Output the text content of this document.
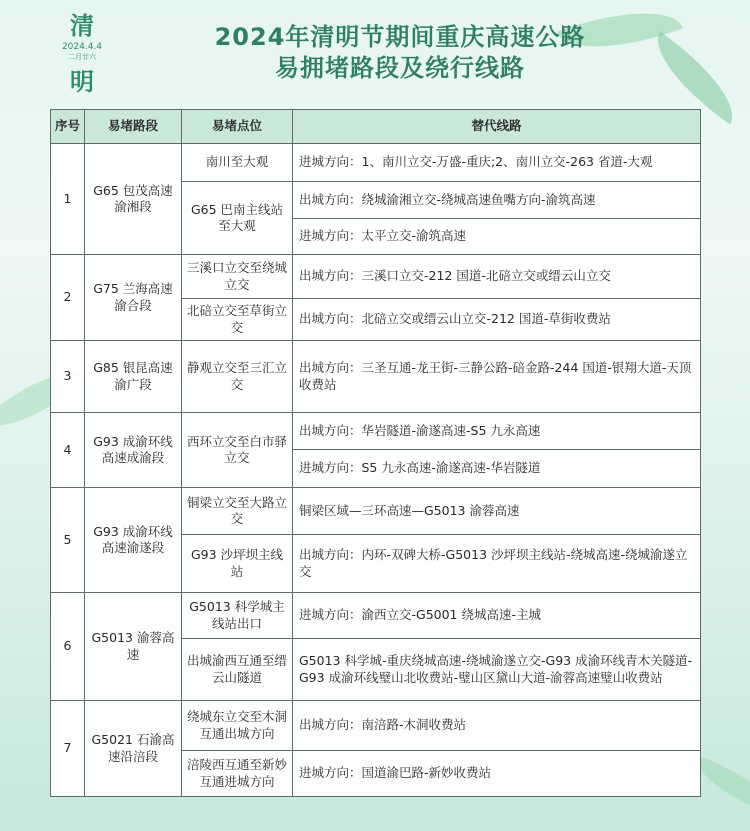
清
2024.4.4
二月廿六
明
2024年清明节期间重庆高速公路
易拥堵路段及绕行线路
序号	易堵路段	易堵点位	替代线路
1	G65 包茂高速渝湘段	南川至大观	进城方向：1、南川立交-万盛-重庆;2、南川立交-263 省道-大观
		G65 巴南主线站至大观	出城方向：绕城渝湘立交-绕城高速鱼嘴方向-渝筑高速
			进城方向：太平立交-渝筑高速
2	G75 兰海高速渝合段	三溪口立交至绕城立交	出城方向：三溪口立交-212 国道-北碚立交或缙云山立交
		北碚立交至草街立交	出城方向：北碚立交或缙云山立交-212 国道-草街收费站
3	G85 银昆高速渝广段	静观立交至三汇立交	出城方向：三圣互通-龙王街-三静公路-碚金路-244 国道-银翔大道-天顶收费站
4	G93 成渝环线高速成渝段	西环立交至白市驿立交	出城方向：华岩隧道-渝遂高速-S5 九永高速
			进城方向：S5 九永高速-渝遂高速-华岩隧道
5	G93 成渝环线高速渝遂段	铜梁立交至大路立交	铜梁区域—三环高速—G5013 渝蓉高速
		G93 沙坪坝主线站	出城方向：内环-双碑大桥-G5013 沙坪坝主线站-绕城高速-绕城渝遂立交
6	G5013 渝蓉高速	G5013 科学城主线站出口	进城方向：渝西立交-G5001 绕城高速-主城
		出城渝西互通至缙云山隧道	G5013 科学城-重庆绕城高速-绕城渝遂立交-G93 成渝环线青木关隧道-G93 成渝环线璧山北收费站-璧山区黛山大道-渝蓉高速璧山收费站
7	G5021 石渝高速沿涪段	绕城东立交至木洞互通出城方向	出城方向：南涪路-木洞收费站
		涪陵西互通至新妙互通进城方向	进城方向：国道渝巴路-新妙收费站
